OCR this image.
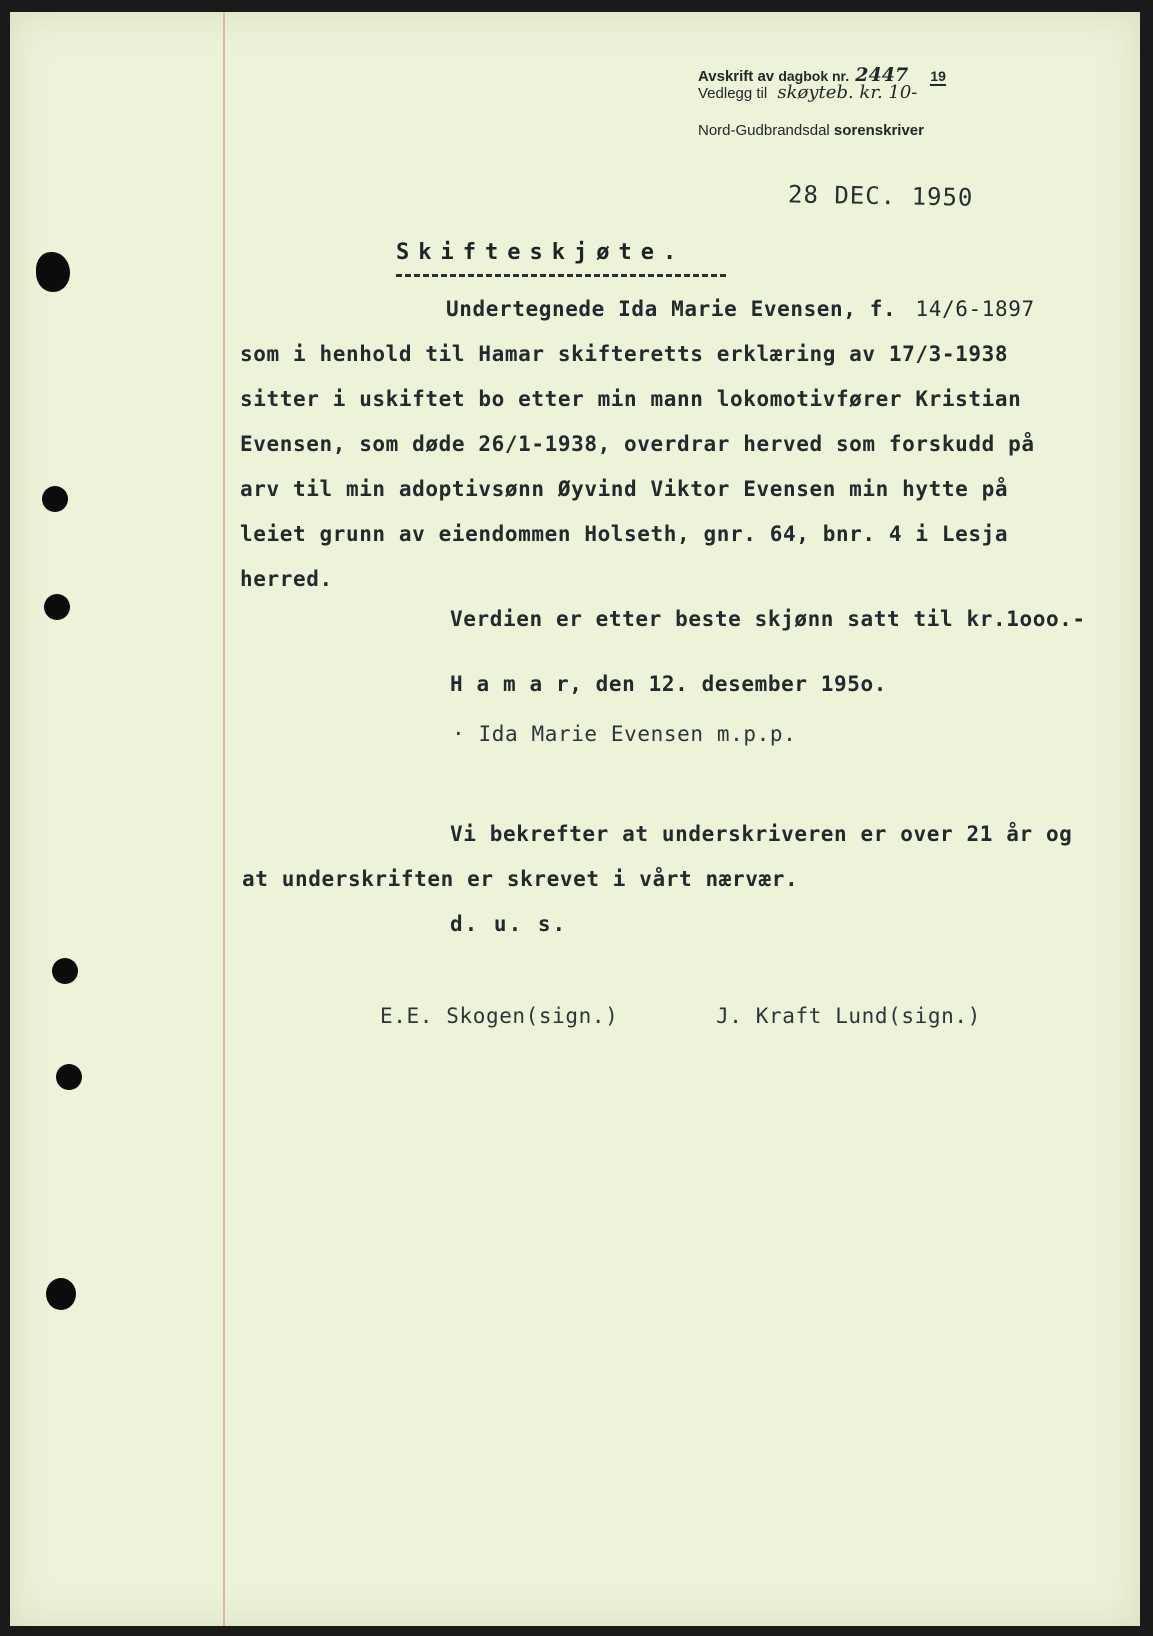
Avskrift av dagbok nr. 2447 19
Vedlegg til skøyteb. kr. 10-
Nord-Gudbrandsdal sorenskriver
28 DEC. 1950
Skifteskjøte.
Undertegnede Ida Marie Evensen, f. 14/6-1897
som i henhold til Hamar skifteretts erklæring av 17/3-1938
sitter i uskiftet bo etter min mann lokomotivfører Kristian
Evensen, som døde 26/1-1938, overdrar herved som forskudd på
arv til min adoptivsønn Øyvind Viktor Evensen min hytte på
leiet grunn av eiendommen Holseth, gnr. 64, bnr. 4 i Lesja
herred.
Verdien er etter beste skjønn satt til kr.1ooo.-
H a m a r, den 12. desember 195o.
· Ida Marie Evensen m.p.p.
Vi bekrefter at underskriveren er over 21 år og
at underskriften er skrevet i vårt nærvær.
d. u. s.
E.E. Skogen(sign.)	J. Kraft Lund(sign.)
